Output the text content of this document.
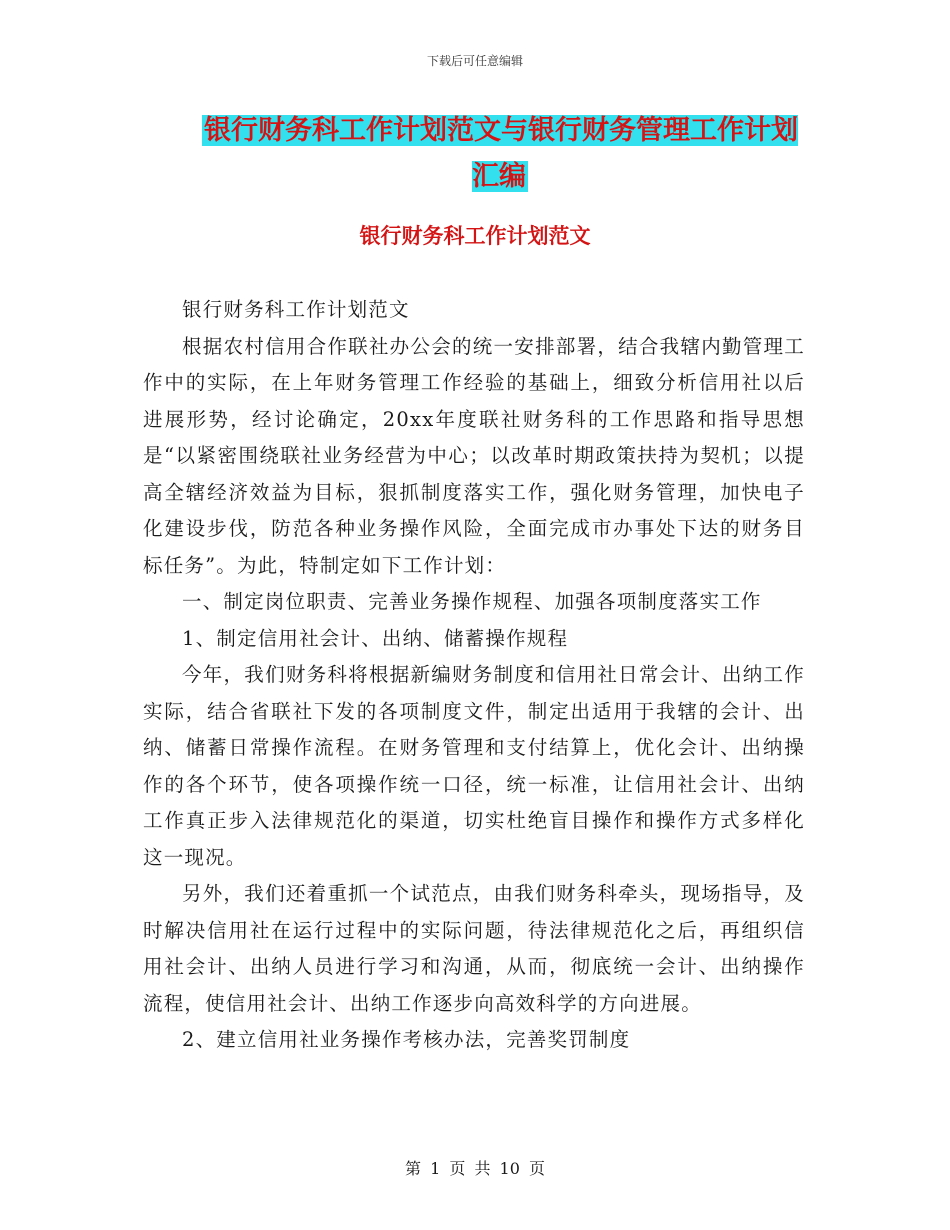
下载后可任意编辑
银行财务科工作计划范文与银行财务管理工作计划汇编
银行财务科工作计划范文

银行财务科工作计划范文

根据农村信用合作联社办公会的统一安排部署，结合我辖内勤管理工作中的实际，在上年财务管理工作经验的基础上，细致分析信用社以后进展形势，经讨论确定，20xx年度联社财务科的工作思路和指导思想是“以紧密围绕联社业务经营为中心；以改革时期政策扶持为契机；以提高全辖经济效益为目标，狠抓制度落实工作，强化财务管理，加快电子化建设步伐，防范各种业务操作风险，全面完成市办事处下达的财务目标任务”。为此，特制定如下工作计划：

一、制定岗位职责、完善业务操作规程、加强各项制度落实工作

1、制定信用社会计、出纳、储蓄操作规程

今年，我们财务科将根据新编财务制度和信用社日常会计、出纳工作实际，结合省联社下发的各项制度文件，制定出适用于我辖的会计、出纳、储蓄日常操作流程。在财务管理和支付结算上，优化会计、出纳操作的各个环节，使各项操作统一口径，统一标准，让信用社会计、出纳工作真正步入法律规范化的渠道，切实杜绝盲目操作和操作方式多样化这一现况。

另外，我们还着重抓一个试范点，由我们财务科牵头，现场指导，及时解决信用社在运行过程中的实际问题，待法律规范化之后，再组织信用社会计、出纳人员进行学习和沟通，从而，彻底统一会计、出纳操作流程，使信用社会计、出纳工作逐步向高效科学的方向进展。

2、建立信用社业务操作考核办法，完善奖罚制度

第 1 页 共 10 页
